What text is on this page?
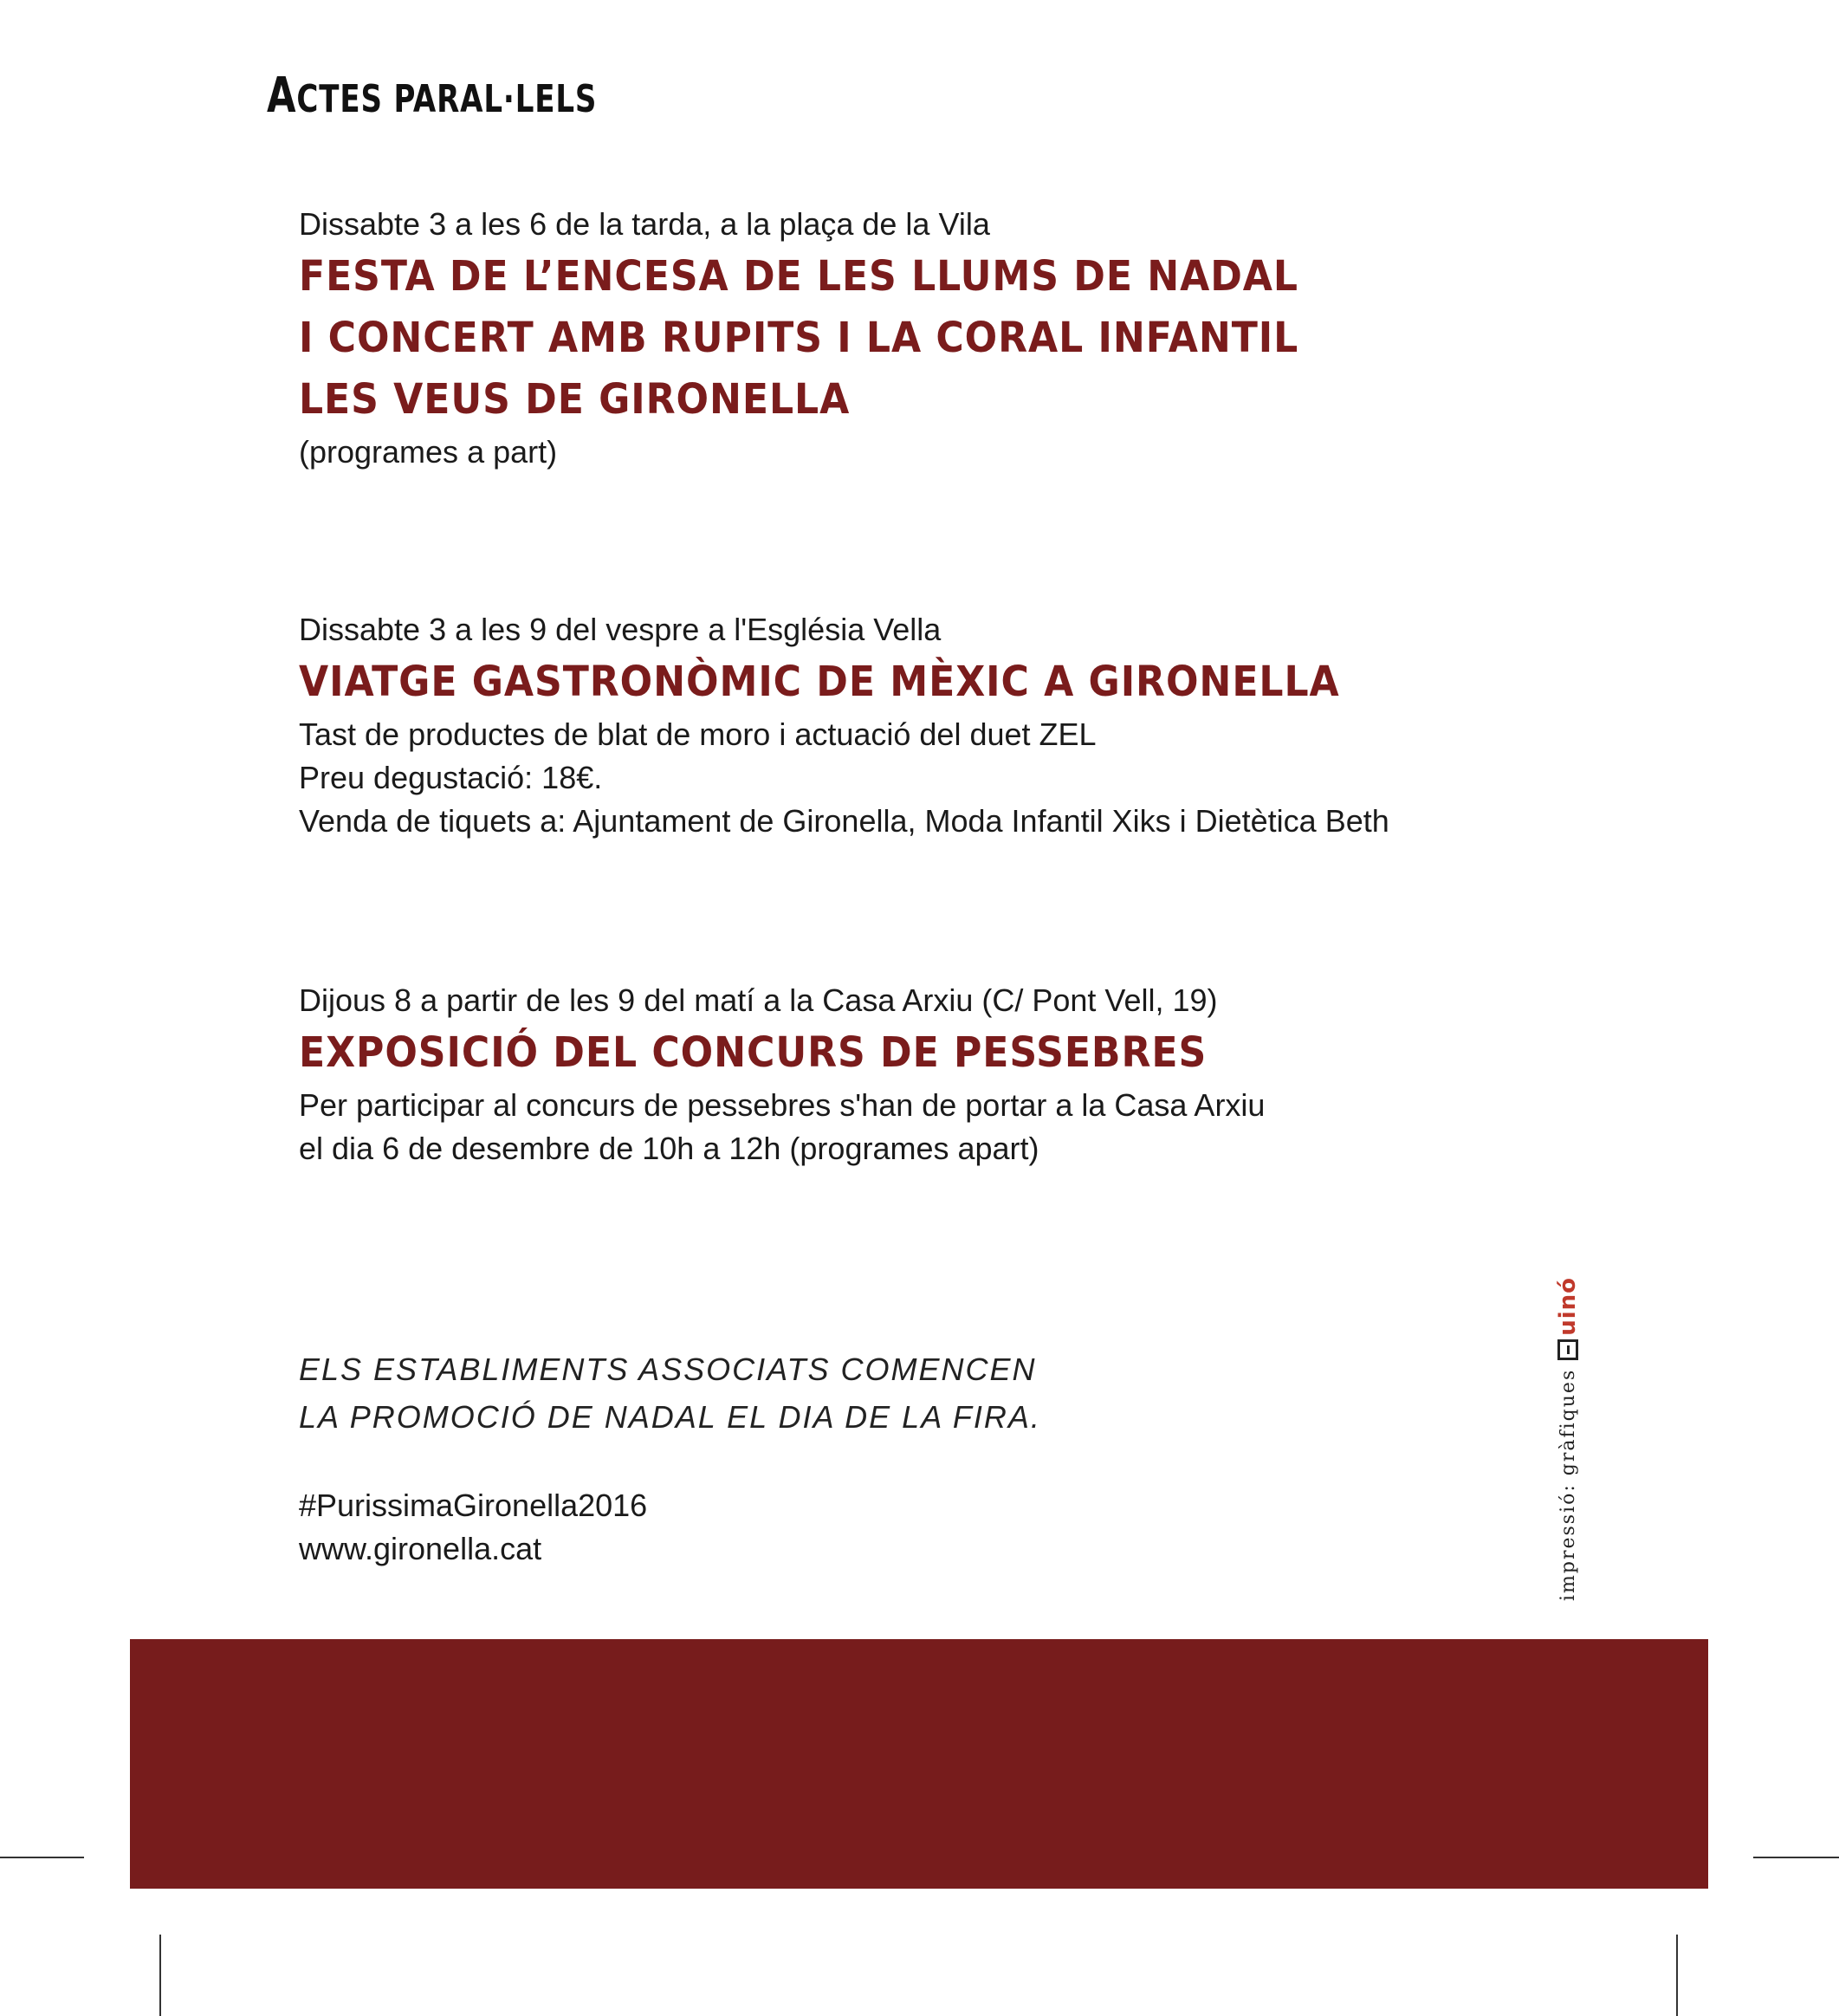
ACTES PARAL·LELS
Dissabte 3 a les 6 de la tarda, a la plaça de la Vila
FESTA DE L’ENCESA DE LES LLUMS DE NADAL
I CONCERT AMB RUPITS I LA CORAL INFANTIL
LES VEUS DE GIRONELLA
(programes a part)
Dissabte 3 a les 9 del vespre a l'Església Vella
VIATGE GASTRONÒMIC DE MÈXIC A GIRONELLA
Tast de productes de blat de moro i actuació del duet ZEL
Preu degustació: 18€.
Venda de tiquets a: Ajuntament de Gironella, Moda Infantil Xiks i Dietètica Beth
Dijous 8 a partir de les 9 del matí a la Casa Arxiu (C/ Pont Vell, 19)
EXPOSICIÓ DEL CONCURS DE PESSEBRES
Per participar al concurs de pessebres s'han de portar a la Casa Arxiu
el dia 6 de desembre de 10h a 12h (programes apart)
ELS ESTABLIMENTS ASSOCIATS COMENCEN
LA PROMOCIÓ DE NADAL EL DIA DE LA FIRA.
#PurissimaGironella2016
www.gironella.cat	impressió: gràfiques
uinó
